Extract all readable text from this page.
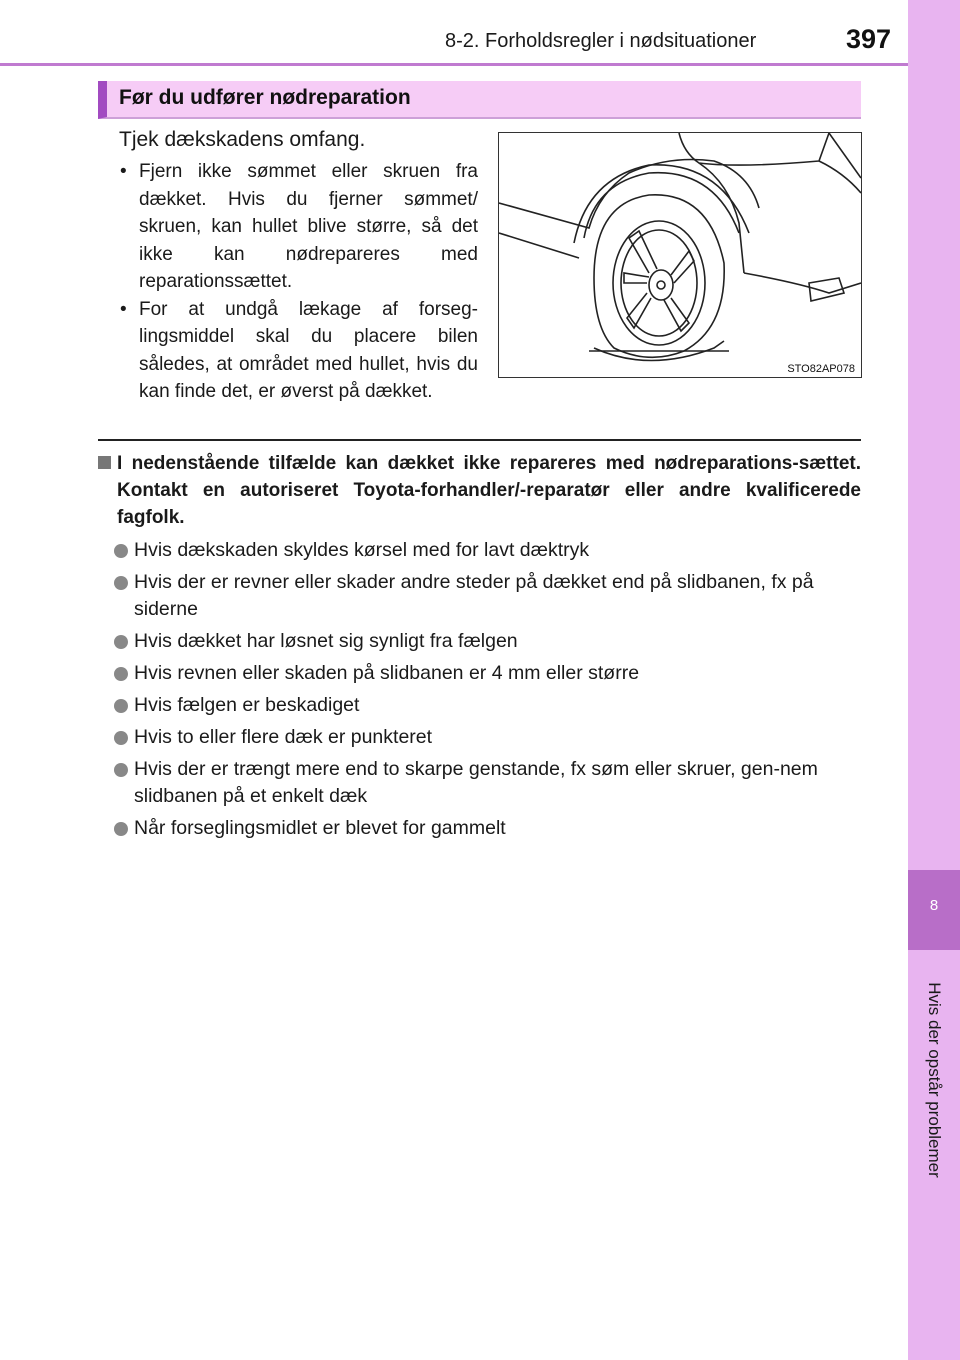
8-2. Forholdsregler i nødsituationer	397
8
Hvis der opstår problemer
Før du udfører nødreparation
Tjek dækskadens omfang.
• Fjern ikke sømmet eller skruen fra dækket. Hvis du fjerner sømmet/ skruen, kan hullet blive større, så det ikke kan nødrepareres med reparationssættet.
• For at undgå lækage af forseg-lingsmiddel skal du placere bilen således, at området med hullet, hvis du kan finde det, er øverst på dækket.
STO82AP078
I nedenstående tilfælde kan dækket ikke repareres med nødreparations-sættet. Kontakt en autoriseret Toyota-forhandler/-reparatør eller andre kvalificerede fagfolk.
Hvis dækskaden skyldes kørsel med for lavt dæktryk
Hvis der er revner eller skader andre steder på dækket end på slidbanen, fx på siderne
Hvis dækket har løsnet sig synligt fra fælgen
Hvis revnen eller skaden på slidbanen er 4 mm eller større
Hvis fælgen er beskadiget
Hvis to eller flere dæk er punkteret
Hvis der er trængt mere end to skarpe genstande, fx søm eller skruer, gen-nem slidbanen på et enkelt dæk
Når forseglingsmidlet er blevet for gammelt
